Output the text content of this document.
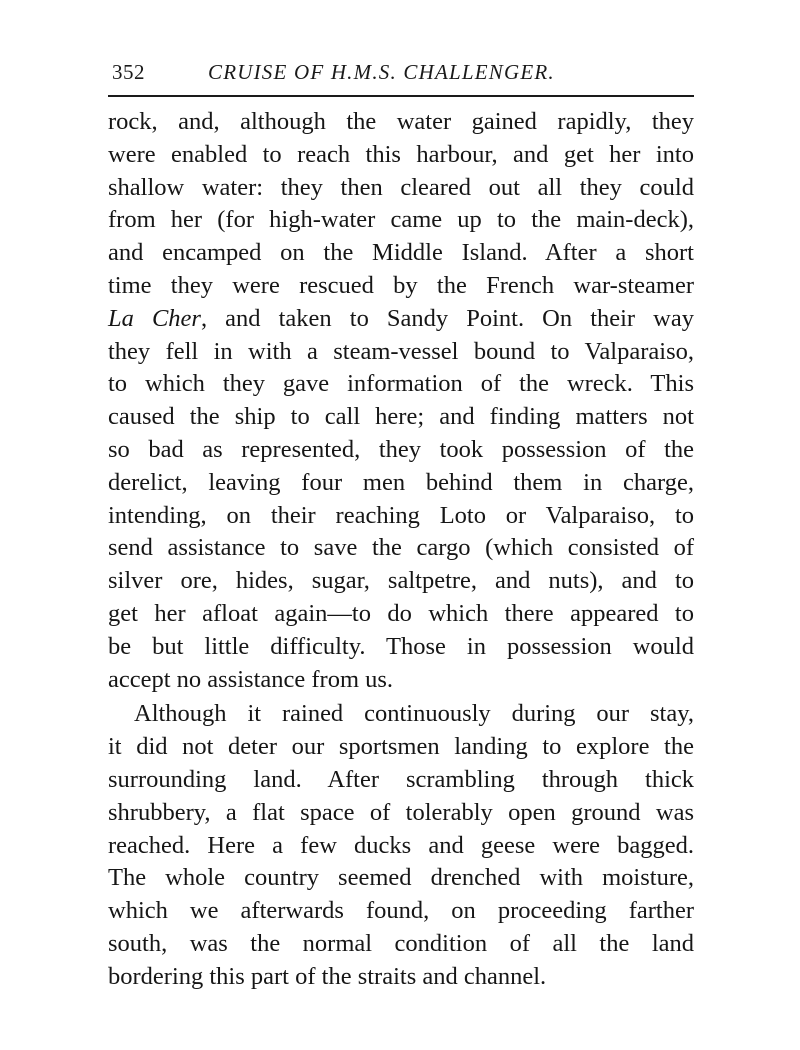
352	CRUISE OF H.M.S. CHALLENGER.
rock, and, although the water gained rapidly, they
were enabled to reach this harbour, and get her into
shallow water: they then cleared out all they could
from her (for high-water came up to the main-deck),
and encamped on the Middle Island. After a short
time they were rescued by the French war-steamer
La Cher, and taken to Sandy Point. On their way
they fell in with a steam-vessel bound to Valparaiso,
to which they gave information of the wreck. This
caused the ship to call here; and finding matters not
so bad as represented, they took possession of the
derelict, leaving four men behind them in charge,
intending, on their reaching Loto or Valparaiso, to
send assistance to save the cargo (which consisted of
silver ore, hides, sugar, saltpetre, and nuts), and to
get her afloat again—to do which there appeared to
be but little difficulty. Those in possession would
accept no assistance from us.
Although it rained continuously during our stay,
it did not deter our sportsmen landing to explore the
surrounding land. After scrambling through thick
shrubbery, a flat space of tolerably open ground was
reached. Here a few ducks and geese were bagged.
The whole country seemed drenched with moisture,
which we afterwards found, on proceeding farther
south, was the normal condition of all the land
bordering this part of the straits and channel.
